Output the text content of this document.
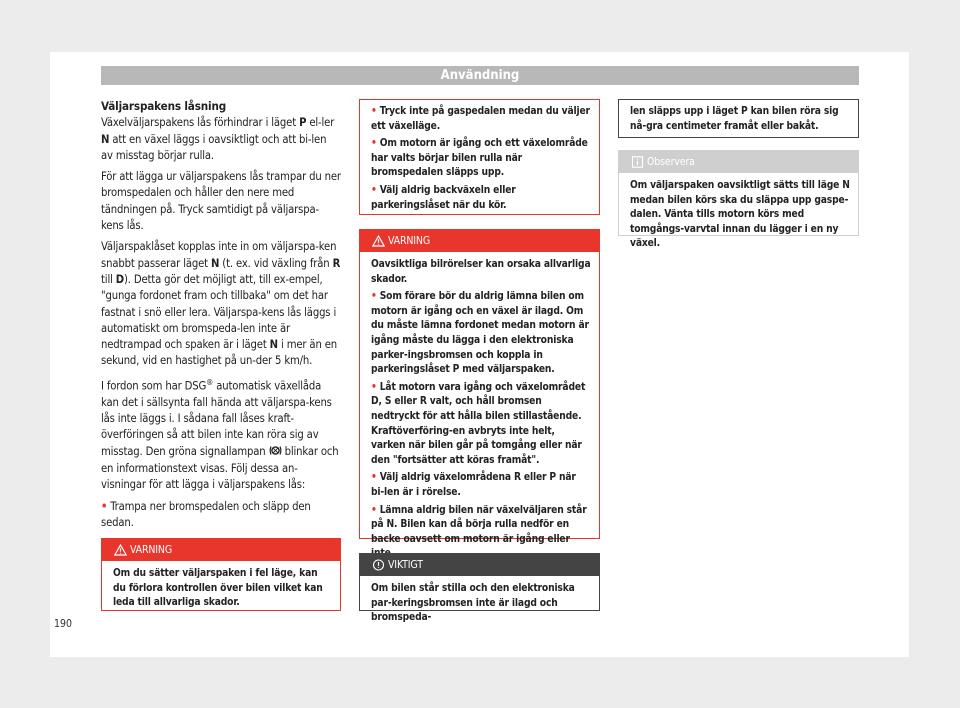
Användning
Väljarspakens låsning

Växelväljarspakens lås förhindrar i läget P el-ler N att en växel läggs i oavsiktligt och att bi-len av misstag börjar rulla.

För att lägga ur väljarspakens lås trampar du ner bromspedalen och håller den nere med tändningen på. Tryck samtidigt på väljarspa-kens lås.

Väljarspaklåset kopplas inte in om väljarspa-ken snabbt passerar läget N (t. ex. vid växling från R till D). Detta gör det möjligt att, till ex-empel, "gunga fordonet fram och tillbaka" om det har fastnat i snö eller lera. Väljarspa-kens lås läggs i automatiskt om bromspeda-len inte är nedtrampad och spaken är i läget N i mer än en sekund, vid en hastighet på un-der 5 km/h.

I fordon som har DSG® automatisk växellåda kan det i sällsynta fall hända att väljarspa-kens lås inte läggs i. I sådana fall låses kraft-överföringen så att bilen inte kan röra sig av misstag. Den gröna signallampan  blinkar och en informationstext visas. Följ dessa an-visningar för att lägga i väljarspakens lås:

• Trampa ner bromspedalen och släpp den sedan.

VARNING

Om du sätter väljarspaken i fel läge, kan du förlora kontrollen över bilen vilket kan leda till allvarliga skador.

• Tryck inte på gaspedalen medan du väljer ett växelläge.

• Om motorn är igång och ett växelområde har valts börjar bilen rulla när bromspedalen släpps upp.

• Välj aldrig backväxeln eller parkeringslåset när du kör.

VARNING

Oavsiktliga bilrörelser kan orsaka allvarliga skador.

• Som förare bör du aldrig lämna bilen om motorn är igång och en växel är ilagd. Om du måste lämna fordonet medan motorn är igång måste du lägga i den elektroniska parker-ingsbromsen och koppla in parkeringslåset P med väljarspaken.

• Låt motorn vara igång och växelområdet D, S eller R valt, och håll bromsen nedtryckt för att hålla bilen stillastående. Kraftöverföring-en avbryts inte helt, varken när bilen går på tomgång eller när den "fortsätter att köras framåt".

• Välj aldrig växelområdena R eller P när bi-len är i rörelse.

• Lämna aldrig bilen när växelväljaren står på N. Bilen kan då börja rulla nedför en backe oavsett om motorn är igång eller

VIKTIGT

Om bilen står stilla och den elektroniska par-keringsbromsen inte är ilagd och bromspeda-

len släpps upp i läget P kan bilen röra sig nå-gra centimeter framåt eller bakåt.

Observera

Om väljarspaken oavsiktligt sätts till läge N medan bilen körs ska du släppa upp gaspe-dalen. Vänta tills motorn körs med tomgångs-varvtal innan du lägger i en ny växel.

190
